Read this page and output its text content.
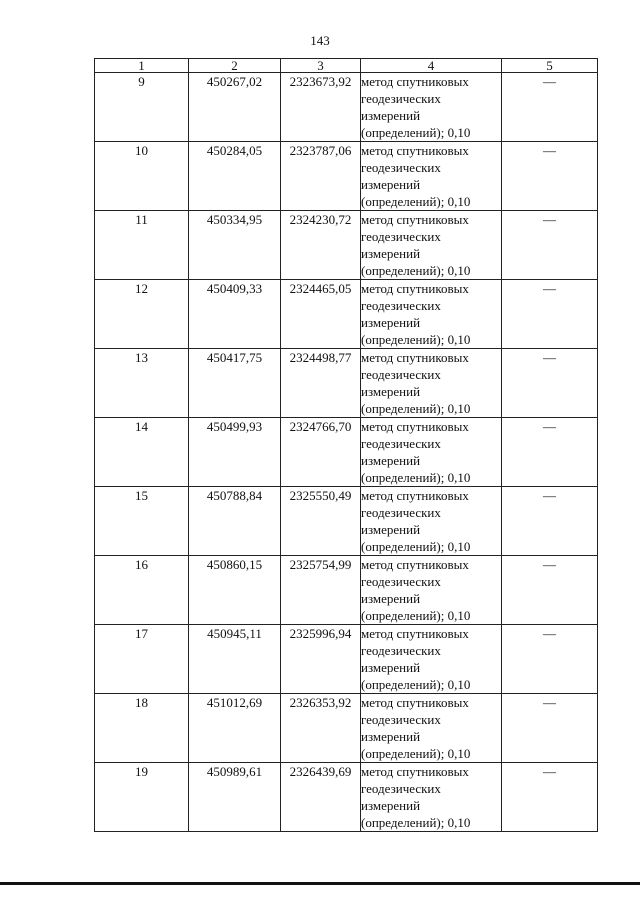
143
1	2	3	4	5
9	450267,02	2323673,92	метод спутниковых
геодезических
измерений
(определений); 0,10	—
10	450284,05	2323787,06	метод спутниковых
геодезических
измерений
(определений); 0,10	—
11	450334,95	2324230,72	метод спутниковых
геодезических
измерений
(определений); 0,10	—
12	450409,33	2324465,05	метод спутниковых
геодезических
измерений
(определений); 0,10	—
13	450417,75	2324498,77	метод спутниковых
геодезических
измерений
(определений); 0,10	—
14	450499,93	2324766,70	метод спутниковых
геодезических
измерений
(определений); 0,10	—
15	450788,84	2325550,49	метод спутниковых
геодезических
измерений
(определений); 0,10	—
16	450860,15	2325754,99	метод спутниковых
геодезических
измерений
(определений); 0,10	—
17	450945,11	2325996,94	метод спутниковых
геодезических
измерений
(определений); 0,10	—
18	451012,69	2326353,92	метод спутниковых
геодезических
измерений
(определений); 0,10	—
19	450989,61	2326439,69	метод спутниковых
геодезических
измерений
(определений); 0,10	—
